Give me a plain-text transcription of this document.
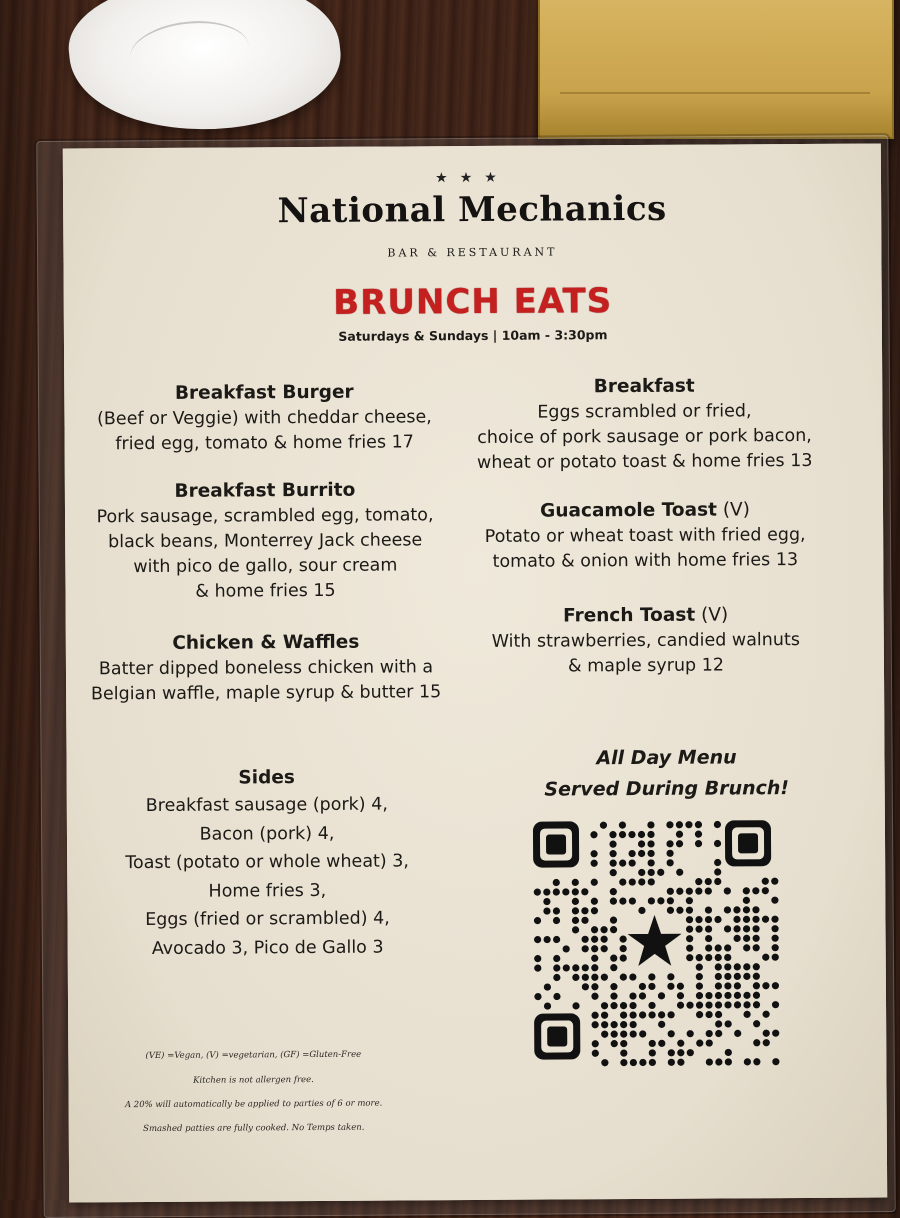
★★★
National Mechanics
BAR & RESTAURANT
BRUNCH EATS
Saturdays & Sundays | 10am - 3:30pm
Breakfast Burger
(Beef or Veggie) with cheddar cheese,
fried egg, tomato & home fries 17
Breakfast Burrito
Pork sausage, scrambled egg, tomato,
black beans, Monterrey Jack cheese
with pico de gallo, sour cream
& home fries 15
Chicken & Waffles
Batter dipped boneless chicken with a
Belgian waffle, maple syrup & butter 15
Breakfast
Eggs scrambled or fried,
choice of pork sausage or pork bacon,
wheat or potato toast & home fries 13
Guacamole Toast (V)
Potato or wheat toast with fried egg,
tomato & onion with home fries 13
French Toast (V)
With strawberries, candied walnuts
& maple syrup 12
Sides
Breakfast sausage (pork) 4,
Bacon (pork) 4,
Toast (potato or whole wheat) 3,
Home fries 3,
Eggs (fried or scrambled) 4,
Avocado 3, Pico de Gallo 3
All Day Menu
Served During Brunch!
(VE) =Vegan, (V) =vegetarian, (GF) =Gluten-Free
Kitchen is not allergen free.
A 20% will automatically be applied to parties of 6 or more.
Smashed patties are fully cooked. No Temps taken.
